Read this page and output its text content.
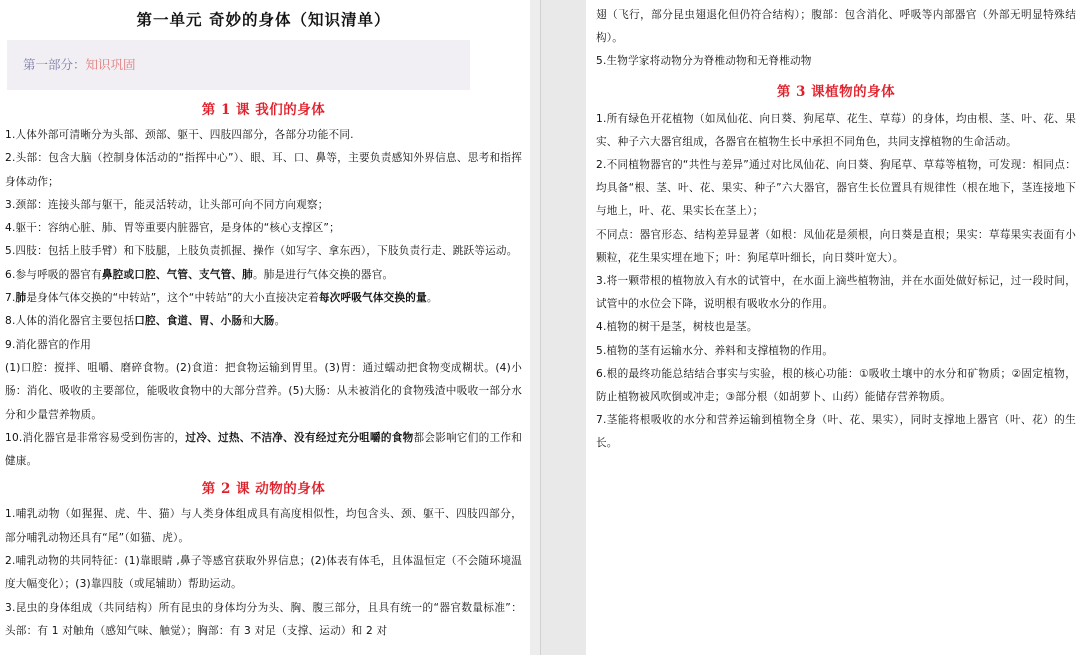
第一单元 奇妙的身体（知识清单）
第一部分：知识巩固
第 1 课 我们的身体
1.人体外部可清晰分为头部、颈部、躯干、四肢四部分，各部分功能不同.
2.头部：包含大脑（控制身体活动的“指挥中心”）、眼、耳、口、鼻等，主要负责感知外界信息、思考和指挥身体动作；
3.颈部：连接头部与躯干，能灵活转动，让头部可向不同方向观察；
4.躯干：容纳心脏、肺、胃等重要内脏器官，是身体的“核心支撑区”；
5.四肢：包括上肢手臂）和下肢腿，上肢负责抓握、操作（如写字、拿东西），下肢负责行走、跳跃等运动。
6.参与呼吸的器官有鼻腔或口腔、气管、支气管、肺。肺是进行气体交换的器官。
7.肺是身体气体交换的“中转站”，这个“中转站”的大小直接决定着每次呼吸气体交换的量。
8.人体的消化器官主要包括口腔、食道、胃、小肠和大肠。
9.消化器官的作用
(1)口腔：搅拌、咀嚼、磨碎食物。(2)食道：把食物运输到胃里。(3)胃：通过蠕动把食物变成糊状。(4)小肠：消化、吸收的主要部位，能吸收食物中的大部分营养。(5)大肠：从未被消化的食物残渣中吸收一部分水分和少量营养物质。
10.消化器官是非常容易受到伤害的，过冷、过热、不洁净、没有经过充分咀嚼的食物都会影响它们的工作和健康。
第 2 课 动物的身体
1.哺乳动物（如猩猩、虎、牛、猫）与人类身体组成具有高度相似性，均包含头、颈、躯干、四肢四部分，部分哺乳动物还具有“尾”（如猫、虎）。
2.哺乳动物的共同特征：(1)靠眼睛 ,鼻子等感官获取外界信息；(2)体表有体毛，且体温恒定（不会随环境温度大幅变化）；(3)靠四肢（或尾辅助）帮助运动。
3.昆虫的身体组成（共同结构）所有昆虫的身体均分为头、胸、腹三部分，且具有统一的“器官数量标准”：头部：有 1 对触角（感知气味、触觉）；胸部：有 3 对足（支撑、运动）和 2 对
翅（飞行，部分昆虫翅退化但仍符合结构）；腹部：包含消化、呼吸等内部器官（外部无明显特殊结构）。
5.生物学家将动物分为脊椎动物和无脊椎动物
第 3 课植物的身体
1.所有绿色开花植物（如凤仙花、向日葵、狗尾草、花生、草莓）的身体，均由根、茎、叶、花、果实、种子六大器官组成，各器官在植物生长中承担不同角色，共同支撑植物的生命活动。
2.不同植物器官的“共性与差异”通过对比凤仙花、向日葵、狗尾草、草莓等植物，可发现：相同点：均具备“根、茎、叶、花、果实、种子”六大器官，器官生长位置具有规律性（根在地下，茎连接地下与地上，叶、花、果实长在茎上）；
不同点：器官形态、结构差异显著（如根：凤仙花是须根，向日葵是直根；果实：草莓果实表面有小颗粒，花生果实埋在地下；叶：狗尾草叶细长，向日葵叶宽大）。
3.将一颗带根的植物放入有水的试管中，在水面上滴些植物油，并在水面处做好标记，过一段时间，试管中的水位会下降，说明根有吸收水分的作用。
4.植物的树干是茎，树枝也是茎。
5.植物的茎有运输水分、养料和支撑植物的作用。
6.根的最终功能总结结合事实与实验，根的核心功能：①吸收土壤中的水分和矿物质；②固定植物，防止植物被风吹倒或冲走；③部分根（如胡萝卜、山药）能储存营养物质。
7.茎能将根吸收的水分和营养运输到植物全身（叶、花、果实），同时支撑地上器官（叶、花）的生长。
